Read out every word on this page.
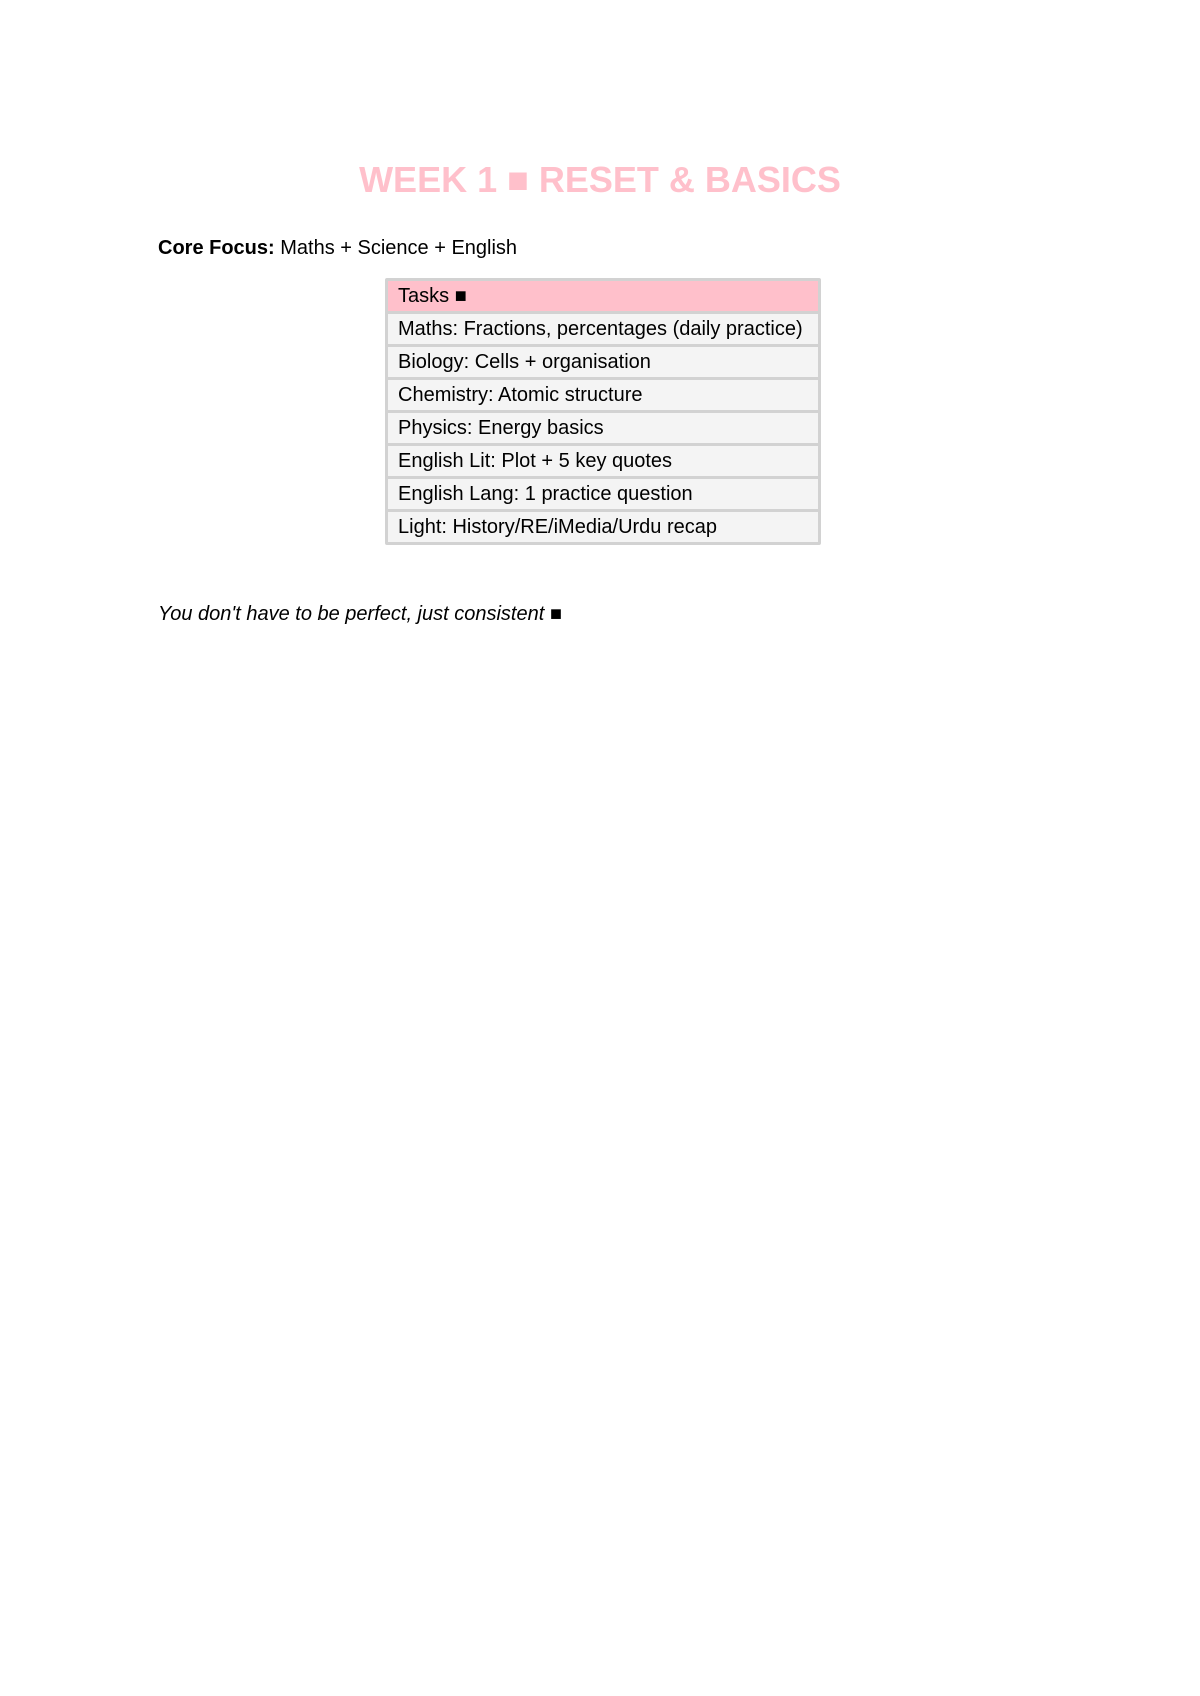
WEEK 1 ■ RESET & BASICS

Core Focus: Maths + Science + English

Tasks ■
Maths: Fractions, percentages (daily practice)
Biology: Cells + organisation
Chemistry: Atomic structure
Physics: Energy basics
English Lit: Plot + 5 key quotes
English Lang: 1 practice question
Light: History/RE/iMedia/Urdu recap

You don't have to be perfect, just consistent ■
